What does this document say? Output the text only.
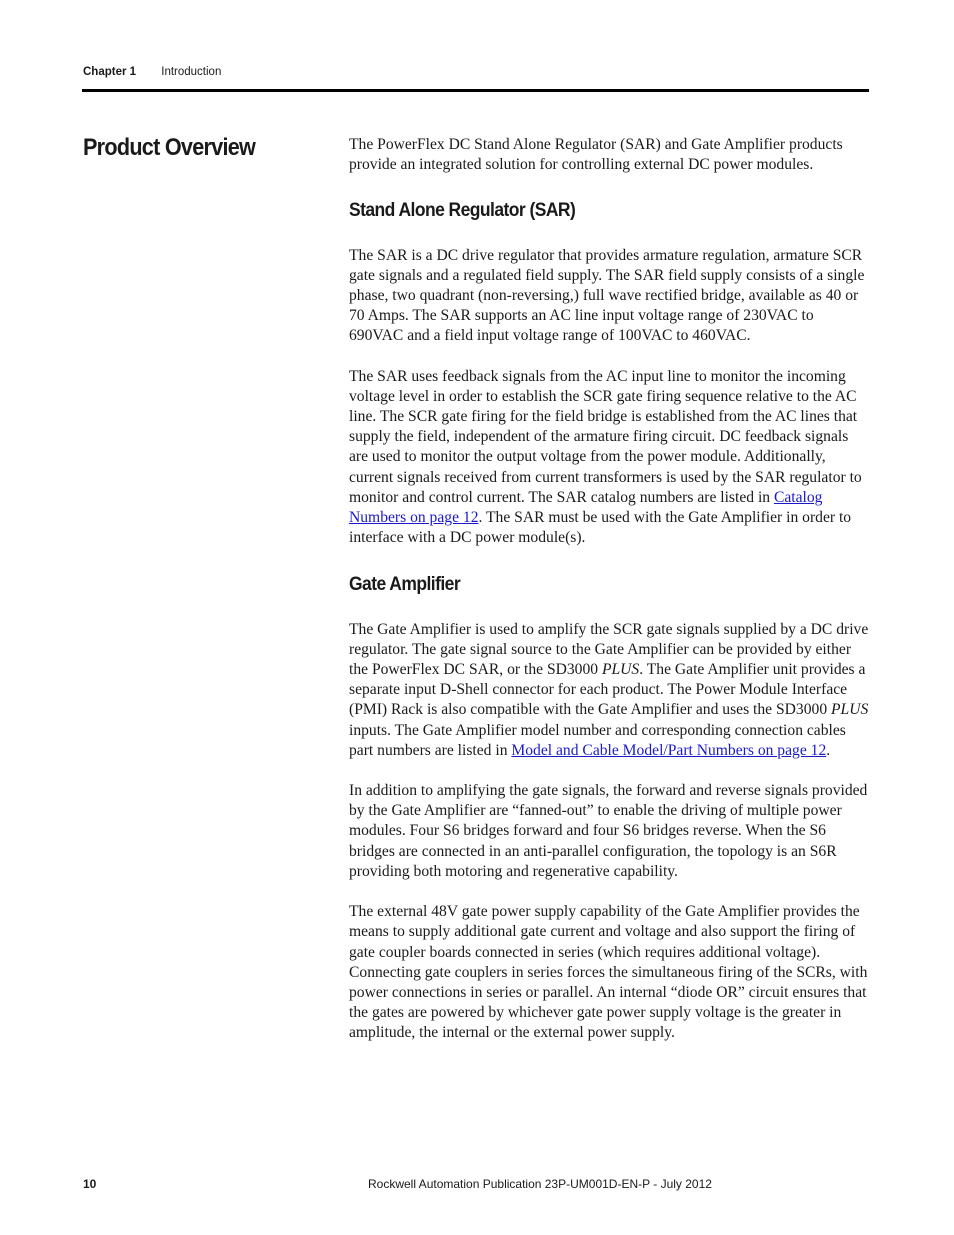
Chapter 1 Introduction
Product Overview	The PowerFlex DC Stand Alone Regulator (SAR) and Gate Amplifier products provide an integrated solution for controlling external DC power modules.

Stand Alone Regulator (SAR)

The SAR is a DC drive regulator that provides armature regulation, armature SCR gate signals and a regulated field supply. The SAR field supply consists of a single phase, two quadrant (non-reversing,) full wave rectified bridge, available as 40 or 70 Amps. The SAR supports an AC line input voltage range of 230VAC to 690VAC and a field input voltage range of 100VAC to 460VAC.

The SAR uses feedback signals from the AC input line to monitor the incoming voltage level in order to establish the SCR gate firing sequence relative to the AC line. The SCR gate firing for the field bridge is established from the AC lines that supply the field, independent of the armature firing circuit. DC feedback signals are used to monitor the output voltage from the power module. Additionally, current signals received from current transformers is used by the SAR regulator to monitor and control current. The SAR catalog numbers are listed in Catalog Numbers on page 12. The SAR must be used with the Gate Amplifier in order to interface with a DC power module(s).

Gate Amplifier

The Gate Amplifier is used to amplify the SCR gate signals supplied by a DC drive regulator. The gate signal source to the Gate Amplifier can be provided by either the PowerFlex DC SAR, or the SD3000 PLUS. The Gate Amplifier unit provides a separate input D-Shell connector for each product. The Power Module Interface (PMI) Rack is also compatible with the Gate Amplifier and uses the SD3000 PLUS inputs. The Gate Amplifier model number and corresponding connection cables part numbers are listed in Model and Cable Model/Part Numbers on page 12.

In addition to amplifying the gate signals, the forward and reverse signals provided by the Gate Amplifier are “fanned-out” to enable the driving of multiple power modules. Four S6 bridges forward and four S6 bridges reverse. When the S6 bridges are connected in an anti-parallel configuration, the topology is an S6R providing both motoring and regenerative capability.

The external 48V gate power supply capability of the Gate Amplifier provides the means to supply additional gate current and voltage and also support the firing of gate coupler boards connected in series (which requires additional voltage). Connecting gate couplers in series forces the simultaneous firing of the SCRs, with power connections in series or parallel. An internal “diode OR” circuit ensures that the gates are powered by whichever gate power supply voltage is the greater in amplitude, the internal or the external power supply.

10	Rockwell Automation Publication 23P-UM001D-EN-P - July 2012
